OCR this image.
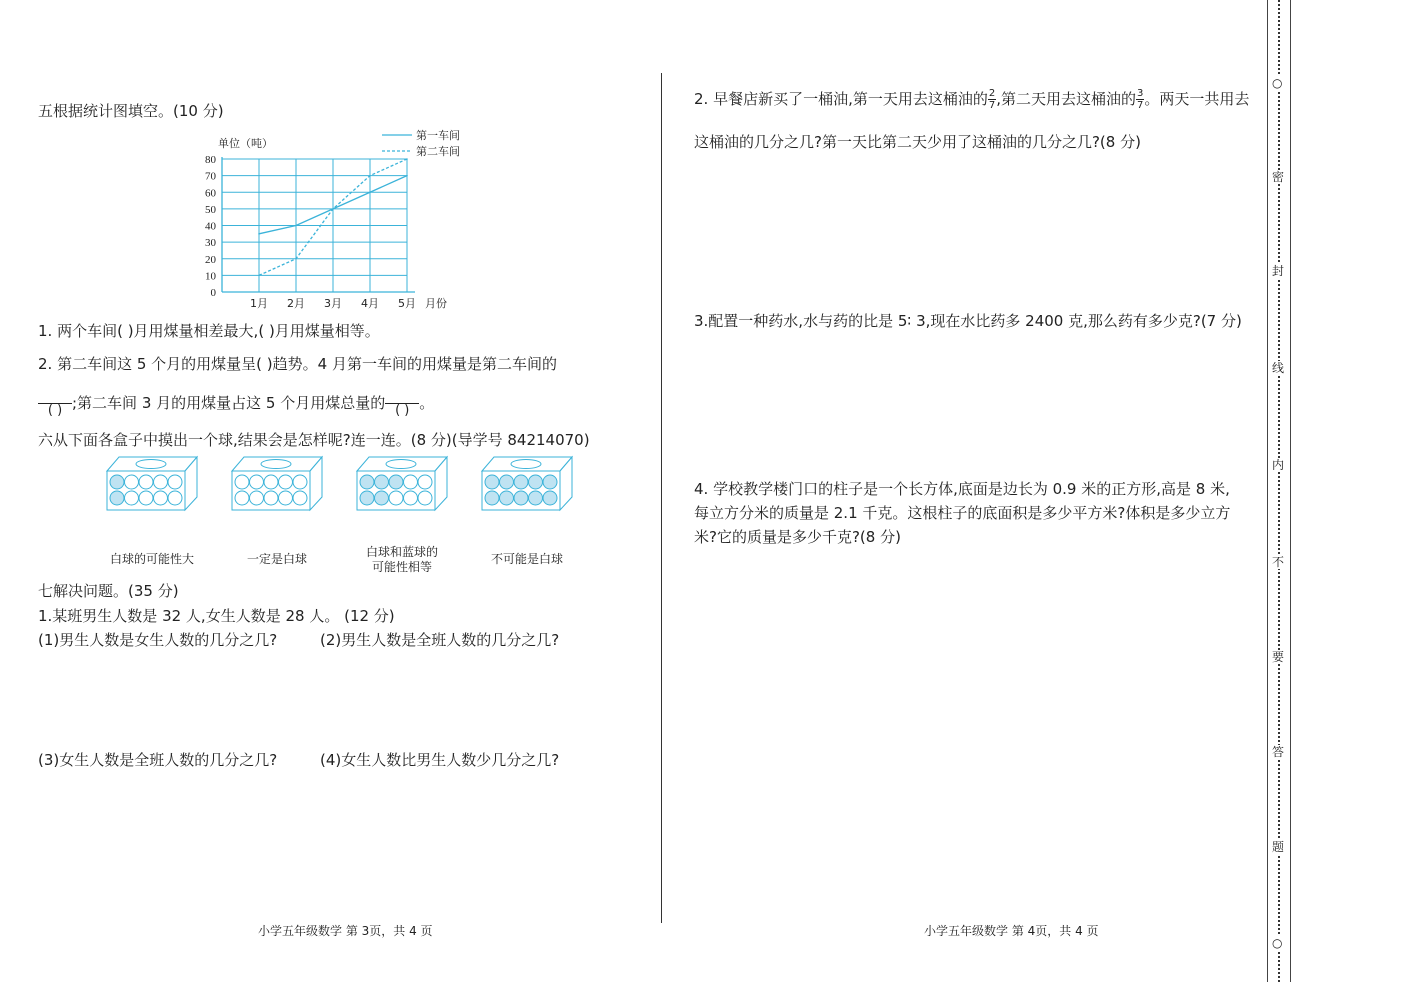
五根据统计图填空。(10 分)
0
10
20
30
40
50
60
70
80
1月 2月 3月 4月 5月 月份
单位（吨）
第一车间
第二车间
1. 两个车间( )月用煤量相差最大,( )月用煤量相等。
2. 第二车间这 5 个月的用煤量呈( )趋势。4 月第一车间的用煤量是第二车间的

( ) ;第二车间 3 月的用煤量占这 5 个月用煤总量的
( ) 。
六从下面各盒子中摸出一个球,结果会是怎样呢?连一连。(8 分)(导学号 84214070)
白球的可能性大	一定是白球	白球和蓝球的
可能性相等
不可能是白球
七解决问题。(35 分)
1.某班男生人数是 32 人,女生人数是 28 人。 (12 分)
(1)男生人数是女生人数的几分之几?	(2)男生人数是全班人数的几分之几?
(3)女生人数是全班人数的几分之几?	(4)女生人数比男生人数少几分之几?
小学五年级数学 第 3页，共 4 页
2. 早餐店新买了一桶油,第一天用去这桶油的 $\frac{2}{7}$ ,第二天用去这桶油的 $\frac{3}{7}$ 。两天一共用去
这桶油的几分之几?第一天比第二天少用了这桶油的几分之几?(8 分)
3.配置一种药水,水与药的比是 5∶ 3,现在水比药多 2400 克,那么药有多少克?(7 分)
4. 学校教学楼门口的柱子是一个长方体,底面是边长为 0.9 米的正方形,高是 8 米,
每立方分米的质量是 2.1 千克。这根柱子的底面积是多少平方米?体积是多少立方
米?它的质量是多少千克?(8 分)
小学五年级数学 第 4页，共 4 页
○
密
封
线
内
不
要
答
题
○
